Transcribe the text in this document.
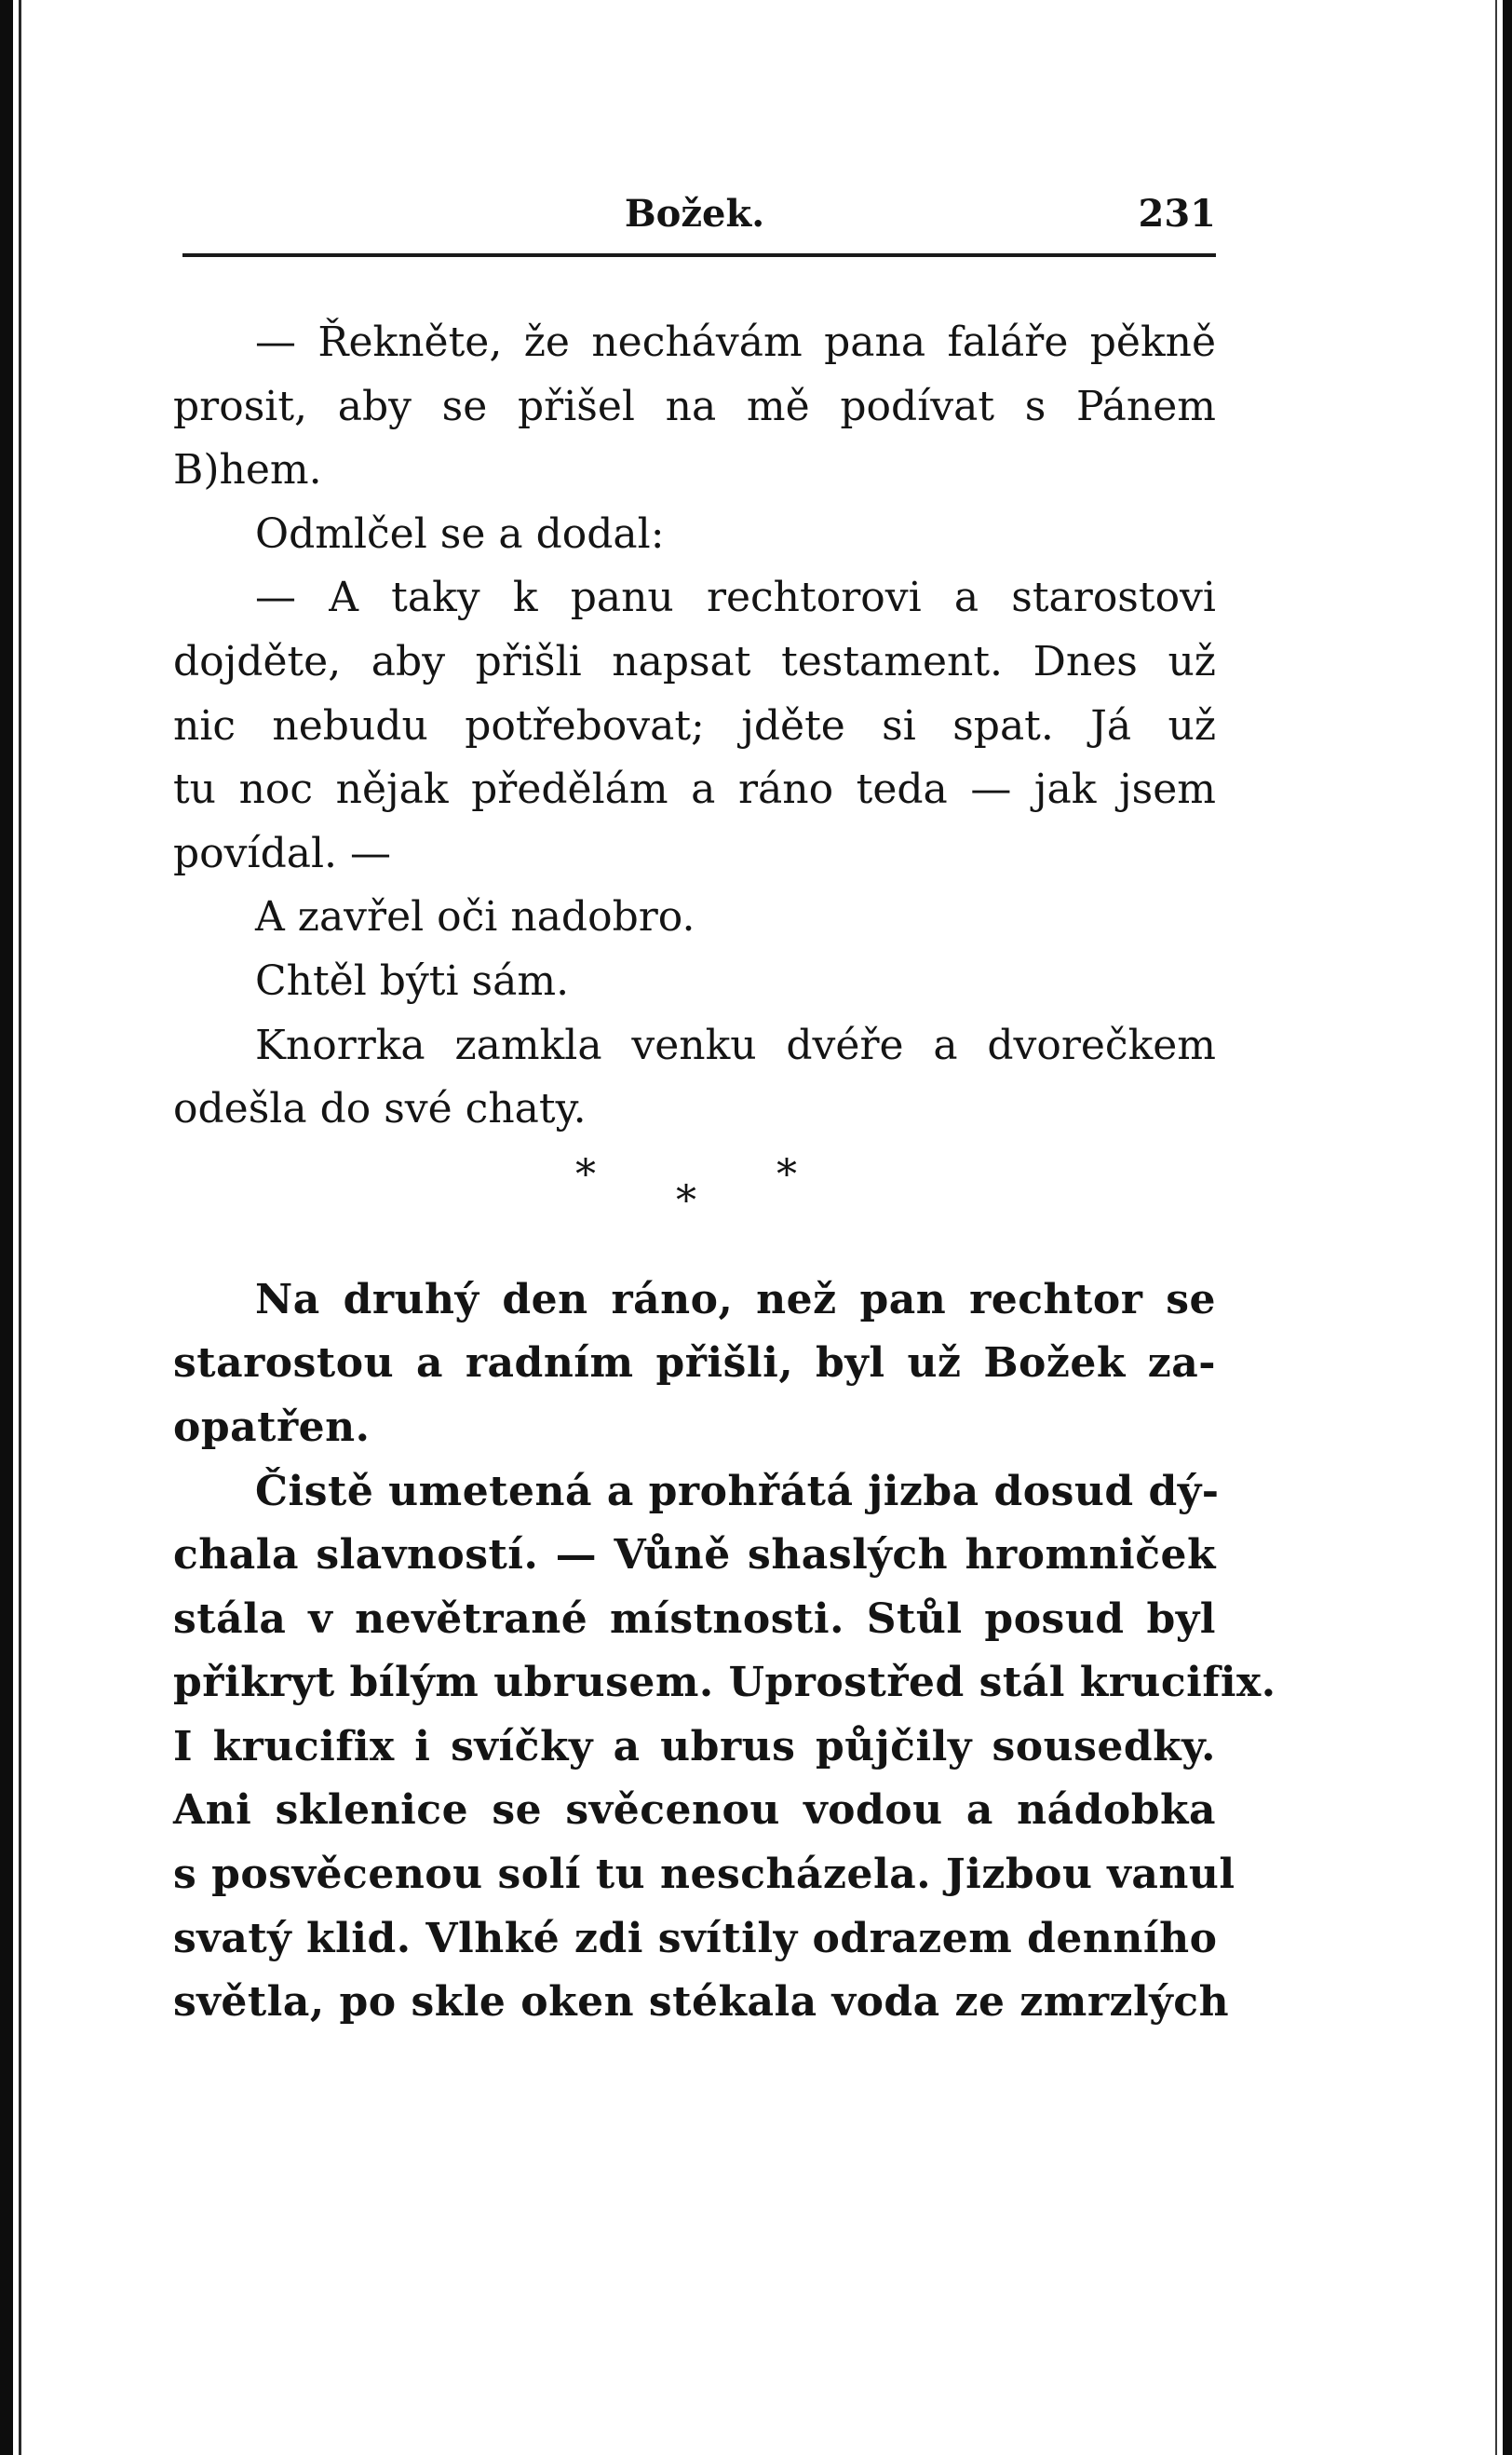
Božek.	231
— Řekněte, že nechávám pana faláře pěkně
prosit, aby se přišel na mě podívat s Pánem
B)hem.
Odmlčel se a dodal:
— A taky k panu rechtorovi a starostovi
dojděte, aby přišli napsat testament. Dnes už
nic nebudu potřebovat; jděte si spat. Já už
tu noc nějak předělám a ráno teda — jak jsem
povídal. —
A zavřel oči nadobro.
Chtěl býti sám.
Knorrka zamkla venku dvéře a dvorečkem
odešla do své chaty.
*
*
*
Na druhý den ráno, než pan rechtor se
starostou a radním přišli, byl už Božek za-
opatřen.
Čistě umetená a prohřátá jizba dosud dý-
chala slavností. — Vůně shaslých hromniček
stála v nevětrané místnosti. Stůl posud byl
přikryt bílým ubrusem. Uprostřed stál krucifix.
I krucifix i svíčky a ubrus půjčily sousedky.
Ani sklenice se svěcenou vodou a nádobka
s posvěcenou solí tu nescházela. Jizbou vanul
svatý klid. Vlhké zdi svítily odrazem denního
světla, po skle oken stékala voda ze zmrzlých
